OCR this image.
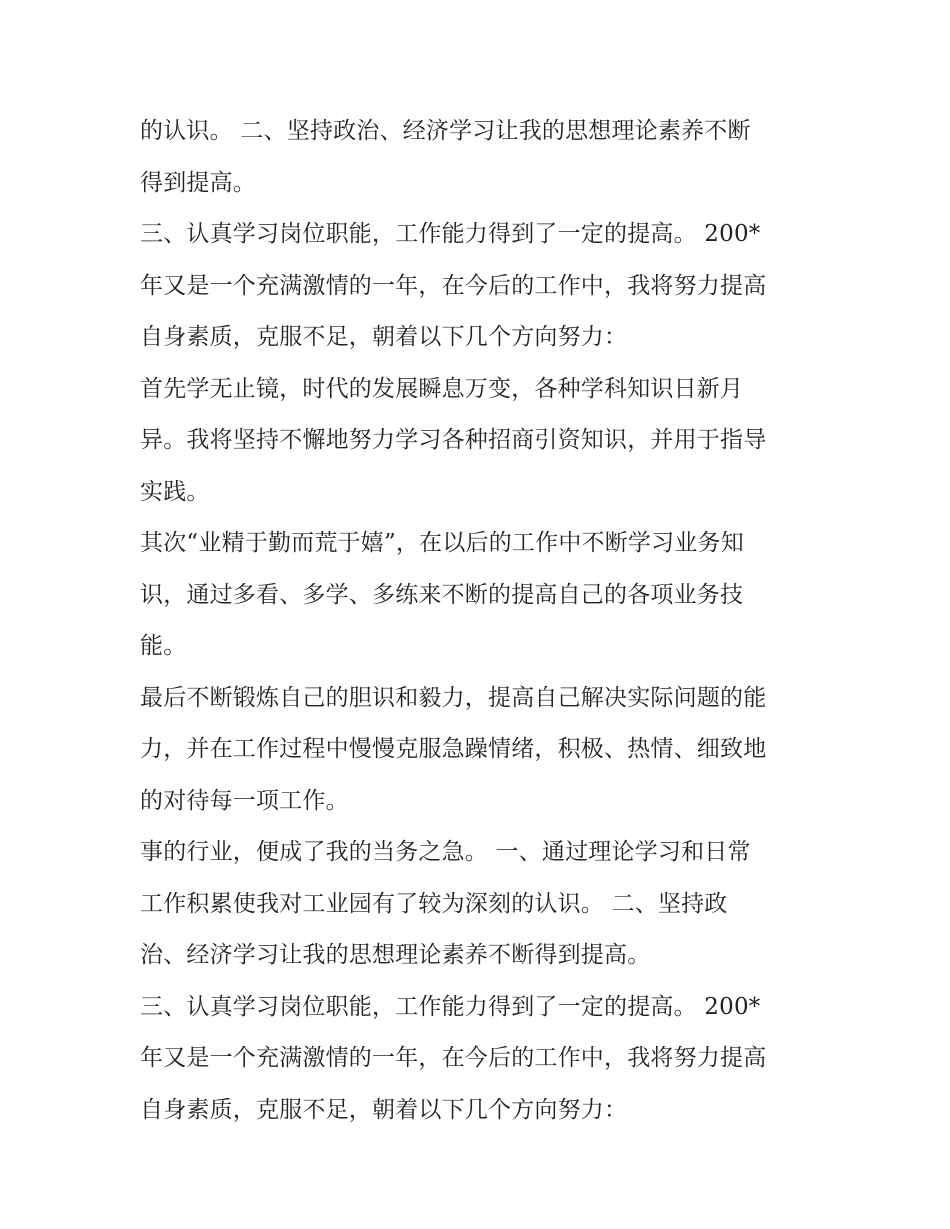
的认识。 二、坚持政治、经济学习让我的思想理论素养不断
得到提高。
三、认真学习岗位职能，工作能力得到了一定的提高。 200*
年又是一个充满激情的一年，在今后的工作中，我将努力提高
自身素质，克服不足，朝着以下几个方向努力：
首先学无止镜，时代的发展瞬息万变，各种学科知识日新月
异。我将坚持不懈地努力学习各种招商引资知识，并用于指导
实践。
其次“业精于勤而荒于嬉”，在以后的工作中不断学习业务知
识，通过多看、多学、多练来不断的提高自己的各项业务技
能。
最后不断锻炼自己的胆识和毅力，提高自己解决实际问题的能
力，并在工作过程中慢慢克服急躁情绪，积极、热情、细致地
的对待每一项工作。
事的行业，便成了我的当务之急。 一、通过理论学习和日常
工作积累使我对工业园有了较为深刻的认识。 二、坚持政
治、经济学习让我的思想理论素养不断得到提高。
三、认真学习岗位职能，工作能力得到了一定的提高。 200*
年又是一个充满激情的一年，在今后的工作中，我将努力提高
自身素质，克服不足，朝着以下几个方向努力：
